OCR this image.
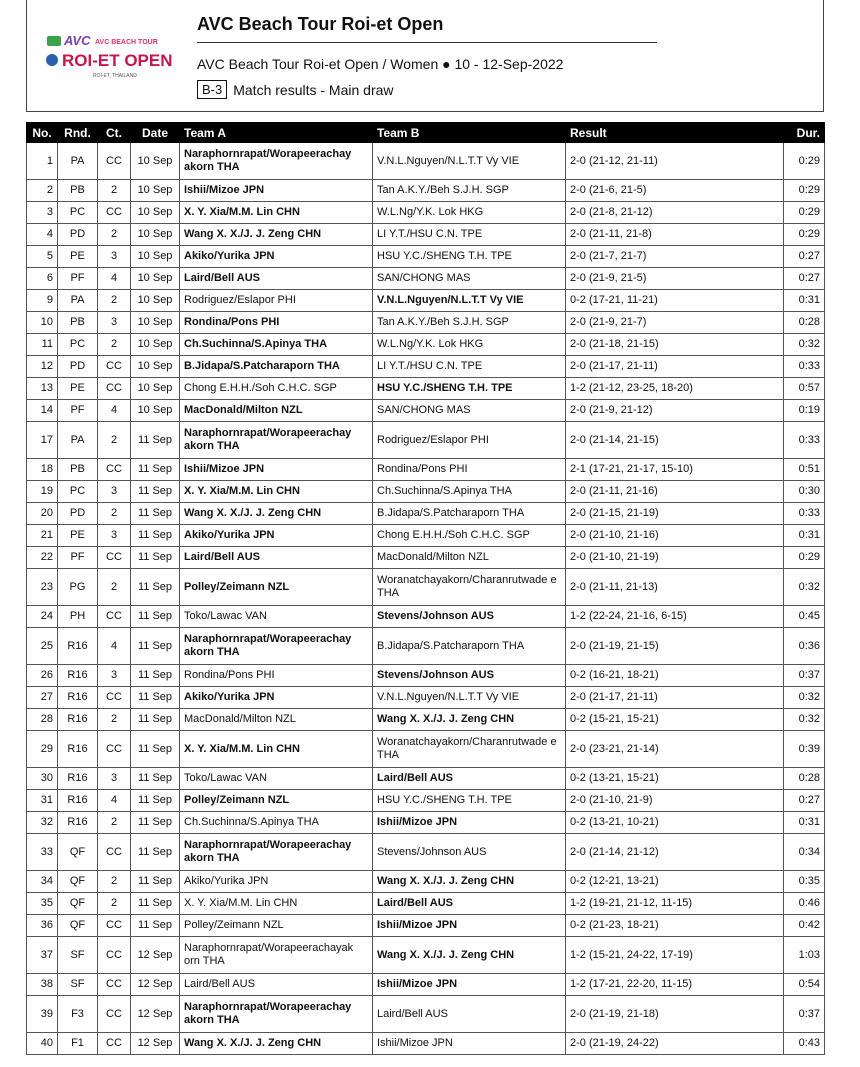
AVC AVC BEACH TOUR
ROI-ET OPEN
ROI-ET, THAILAND
AVC Beach Tour Roi-et Open
AVC Beach Tour Roi-et Open / Women ● 10 - 12-Sep-2022
B-3 Match results - Main draw
No.	Rnd.	Ct.	Date	Team A	Team B	Result	Dur.
1	PA	CC	10 Sep	Naraphornrapat/Worapeerachay akorn THA	V.N.L.Nguyen/N.L.T.T Vy VIE	2-0 (21-12, 21-11)	0:29
2	PB	2	10 Sep	Ishii/Mizoe JPN	Tan A.K.Y./Beh S.J.H. SGP	2-0 (21-6, 21-5)	0:29
3	PC	CC	10 Sep	X. Y. Xia/M.M. Lin CHN	W.L.Ng/Y.K. Lok HKG	2-0 (21-8, 21-12)	0:29
4	PD	2	10 Sep	Wang X. X./J. J. Zeng CHN	LI Y.T./HSU C.N. TPE	2-0 (21-11, 21-8)	0:29
5	PE	3	10 Sep	Akiko/Yurika JPN	HSU Y.C./SHENG T.H. TPE	2-0 (21-7, 21-7)	0:27
6	PF	4	10 Sep	Laird/Bell AUS	SAN/CHONG MAS	2-0 (21-9, 21-5)	0:27
9	PA	2	10 Sep	Rodriguez/Eslapor PHI	V.N.L.Nguyen/N.L.T.T Vy VIE	0-2 (17-21, 11-21)	0:31
10	PB	3	10 Sep	Rondina/Pons PHI	Tan A.K.Y./Beh S.J.H. SGP	2-0 (21-9, 21-7)	0:28
11	PC	2	10 Sep	Ch.Suchinna/S.Apinya THA	W.L.Ng/Y.K. Lok HKG	2-0 (21-18, 21-15)	0:32
12	PD	CC	10 Sep	B.Jidapa/S.Patcharaporn THA	LI Y.T./HSU C.N. TPE	2-0 (21-17, 21-11)	0:33
13	PE	CC	10 Sep	Chong E.H.H./Soh C.H.C. SGP	HSU Y.C./SHENG T.H. TPE	1-2 (21-12, 23-25, 18-20)	0:57
14	PF	4	10 Sep	MacDonald/Milton NZL	SAN/CHONG MAS	2-0 (21-9, 21-12)	0:19
17	PA	2	11 Sep	Naraphornrapat/Worapeerachay akorn THA	Rodriguez/Eslapor PHI	2-0 (21-14, 21-15)	0:33
18	PB	CC	11 Sep	Ishii/Mizoe JPN	Rondina/Pons PHI	2-1 (17-21, 21-17, 15-10)	0:51
19	PC	3	11 Sep	X. Y. Xia/M.M. Lin CHN	Ch.Suchinna/S.Apinya THA	2-0 (21-11, 21-16)	0:30
20	PD	2	11 Sep	Wang X. X./J. J. Zeng CHN	B.Jidapa/S.Patcharaporn THA	2-0 (21-15, 21-19)	0:33
21	PE	3	11 Sep	Akiko/Yurika JPN	Chong E.H.H./Soh C.H.C. SGP	2-0 (21-10, 21-16)	0:31
22	PF	CC	11 Sep	Laird/Bell AUS	MacDonald/Milton NZL	2-0 (21-10, 21-19)	0:29
23	PG	2	11 Sep	Polley/Zeimann NZL	Woranatchayakorn/Charanrutwade e THA	2-0 (21-11, 21-13)	0:32
24	PH	CC	11 Sep	Toko/Lawac VAN	Stevens/Johnson AUS	1-2 (22-24, 21-16, 6-15)	0:45
25	R16	4	11 Sep	Naraphornrapat/Worapeerachay akorn THA	B.Jidapa/S.Patcharaporn THA	2-0 (21-19, 21-15)	0:36
26	R16	3	11 Sep	Rondina/Pons PHI	Stevens/Johnson AUS	0-2 (16-21, 18-21)	0:37
27	R16	CC	11 Sep	Akiko/Yurika JPN	V.N.L.Nguyen/N.L.T.T Vy VIE	2-0 (21-17, 21-11)	0:32
28	R16	2	11 Sep	MacDonald/Milton NZL	Wang X. X./J. J. Zeng CHN	0-2 (15-21, 15-21)	0:32
29	R16	CC	11 Sep	X. Y. Xia/M.M. Lin CHN	Woranatchayakorn/Charanrutwade e THA	2-0 (23-21, 21-14)	0:39
30	R16	3	11 Sep	Toko/Lawac VAN	Laird/Bell AUS	0-2 (13-21, 15-21)	0:28
31	R16	4	11 Sep	Polley/Zeimann NZL	HSU Y.C./SHENG T.H. TPE	2-0 (21-10, 21-9)	0:27
32	R16	2	11 Sep	Ch.Suchinna/S.Apinya THA	Ishii/Mizoe JPN	0-2 (13-21, 10-21)	0:31
33	QF	CC	11 Sep	Naraphornrapat/Worapeerachay akorn THA	Stevens/Johnson AUS	2-0 (21-14, 21-12)	0:34
34	QF	2	11 Sep	Akiko/Yurika JPN	Wang X. X./J. J. Zeng CHN	0-2 (12-21, 13-21)	0:35
35	QF	2	11 Sep	X. Y. Xia/M.M. Lin CHN	Laird/Bell AUS	1-2 (19-21, 21-12, 11-15)	0:46
36	QF	CC	11 Sep	Polley/Zeimann NZL	Ishii/Mizoe JPN	0-2 (21-23, 18-21)	0:42
37	SF	CC	12 Sep	Naraphornrapat/Worapeerachayak orn THA	Wang X. X./J. J. Zeng CHN	1-2 (15-21, 24-22, 17-19)	1:03
38	SF	CC	12 Sep	Laird/Bell AUS	Ishii/Mizoe JPN	1-2 (17-21, 22-20, 11-15)	0:54
39	F3	CC	12 Sep	Naraphornrapat/Worapeerachay akorn THA	Laird/Bell AUS	2-0 (21-19, 21-18)	0:37
40	F1	CC	12 Sep	Wang X. X./J. J. Zeng CHN	Ishii/Mizoe JPN	2-0 (21-19, 24-22)	0:43
